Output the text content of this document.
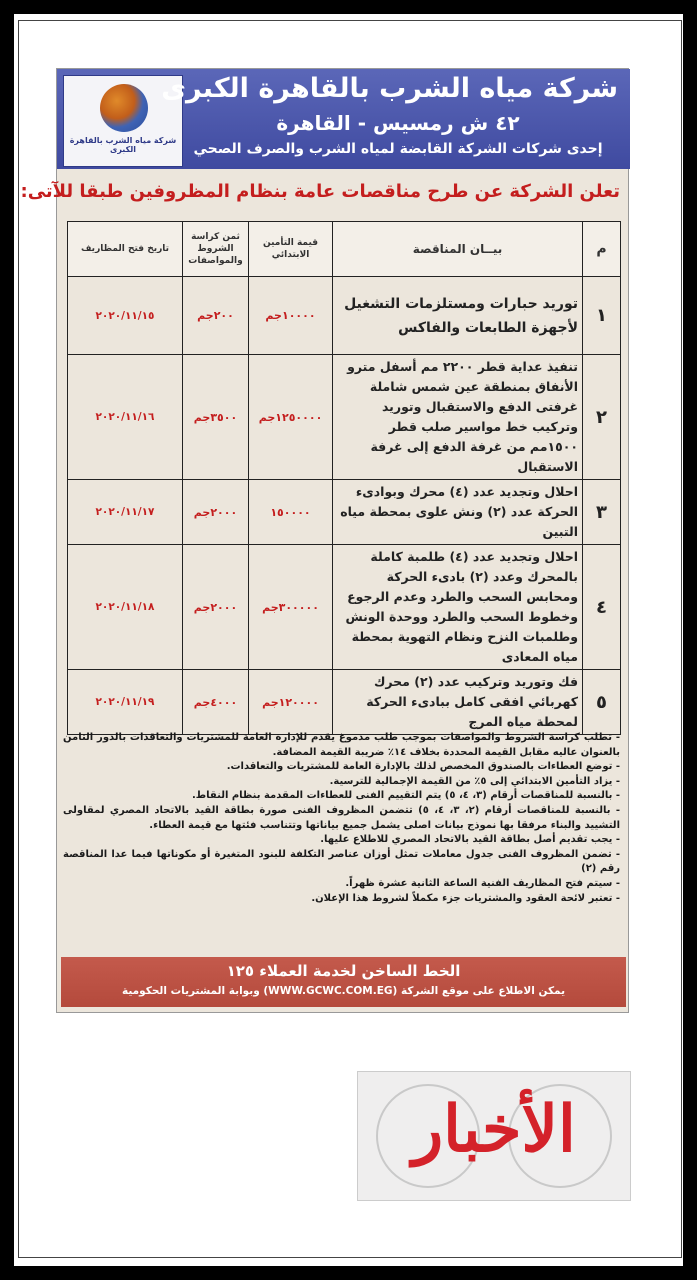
شركة مياه الشرب بالقاهرة الكبرى
شركة مياه الشرب بالقاهرة الكبرى
٤٢ ش رمسيس - القاهرة
إحدى شركات الشركة القابضة لمياه الشرب والصرف الصحي
تعلن الشركة عن طرح مناقصات عامة بنظام المظروفين طبقا للآتى:
م	بيــان المناقصة	قيمة التأمين الابتدائي	ثمن كراسة الشروط والمواصفات	تاريخ فتح المظاريف
١	توريد حبارات ومستلزمات التشغيل لأجهزة الطابعات والفاكس	١٠٠٠٠جم	٢٠٠جم	٢٠٢٠/١١/١٥
٢	تنفيذ عداية قطر ٢٢٠٠ مم أسفل مترو الأنفاق بمنطقة عين شمس شاملة غرفتى الدفع والاستقبال وتوريد وتركيب خط مواسير صلب قطر ١٥٠٠مم من غرفة الدفع إلى غرفة الاستقبال	١٢٥٠٠٠٠جم	٣٥٠٠جم	٢٠٢٠/١١/١٦
٣	احلال وتجديد عدد (٤) محرك وبوادىء الحركة عدد (٢) ونش علوى بمحطة مياه التبين	١٥٠٠٠٠	٢٠٠٠جم	٢٠٢٠/١١/١٧
٤	احلال وتجديد عدد (٤) طلمبة كاملة بالمحرك وعدد (٢) بادىء الحركة ومحابس السحب والطرد وعدم الرجوع وخطوط السحب والطرد ووحدة الونش وطلمبات النزح ونظام التهوية بمحطة مياه المعادى	٣٠٠٠٠٠جم	٢٠٠٠جم	٢٠٢٠/١١/١٨
٥	فك وتوريد وتركيب عدد (٢) محرك كهربائي افقى كامل ببادىء الحركة لمحطة مياه المرج	١٢٠٠٠٠جم	٤٠٠٠جم	٢٠٢٠/١١/١٩
- تطلب كراسة الشروط والمواصفات بموجب طلب مدموغ يقدم للإدارة العامة للمشتريات والتعاقدات بالدور الثامن بالعنوان عاليه مقابل القيمة المحددة بخلاف ١٤٪ ضريبة القيمة المضافة.
- توضع العطاءات بالصندوق المخصص لذلك بالإدارة العامة للمشتريات والتعاقدات.
- يزاد التأمين الابتدائي إلى ٥٪ من القيمة الإجمالية للترسية.
- بالنسبة للمناقصات أرقام (٣، ٤، ٥) يتم التقييم الفنى للعطاءات المقدمة بنظام النقاط.
- بالنسبة للمناقصات أرقام (٢، ٣، ٤، ٥) تتضمن المظروف الفنى صورة بطاقة القيد بالاتحاد المصري لمقاولى التشييد والبناء مرفقا بها نموذج بيانات اصلى يشمل جميع بياناتها وتتناسب فئتها مع قيمة العطاء.
- يجب تقديم أصل بطاقة القيد بالاتحاد المصري للاطلاع عليها.
- تضمن المظروف الفنى جدول معاملات تمثل أوزان عناصر التكلفة للبنود المتغيرة أو مكوناتها فيما عدا المناقصة رقم (٢)
- سيتم فتح المظاريف الفنية الساعة الثانية عشرة ظهراً.
- تعتبر لائحة العقود والمشتريات جزء مكملاً لشروط هذا الإعلان.
الخط الساخن لخدمة العملاء ١٢٥
يمكن الاطلاع على موقع الشركة (WWW.GCWC.COM.EG) وبوابة المشتريات الحكومية
الأخبار
